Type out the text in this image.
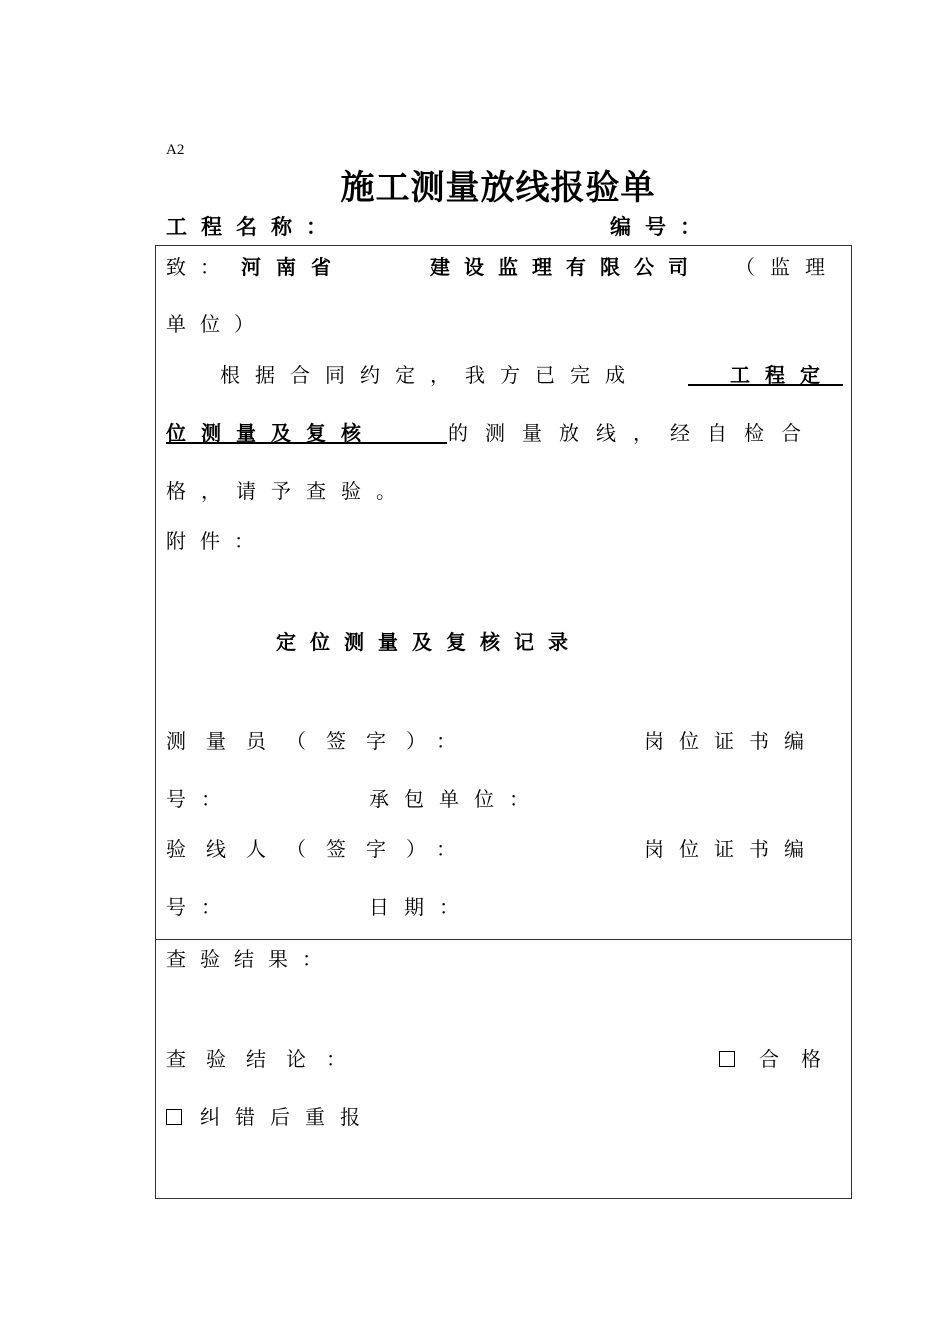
A2
施工测量放线报验单
工程名称：	编号：
致： 河南省	建设监理有限公司 （监理
单位）
根据合同约定，我方已完成	工程定
位测量及复核	的测量放线，经自检合
格，请予查验。
附件：
定位测量及复核记录
测量员（签字）：	岗位证书编
号：	承包单位：
验线人（签字）：	岗位证书编
号：	日期：
查验结果：
查验结论：	合格
纠错后重报
